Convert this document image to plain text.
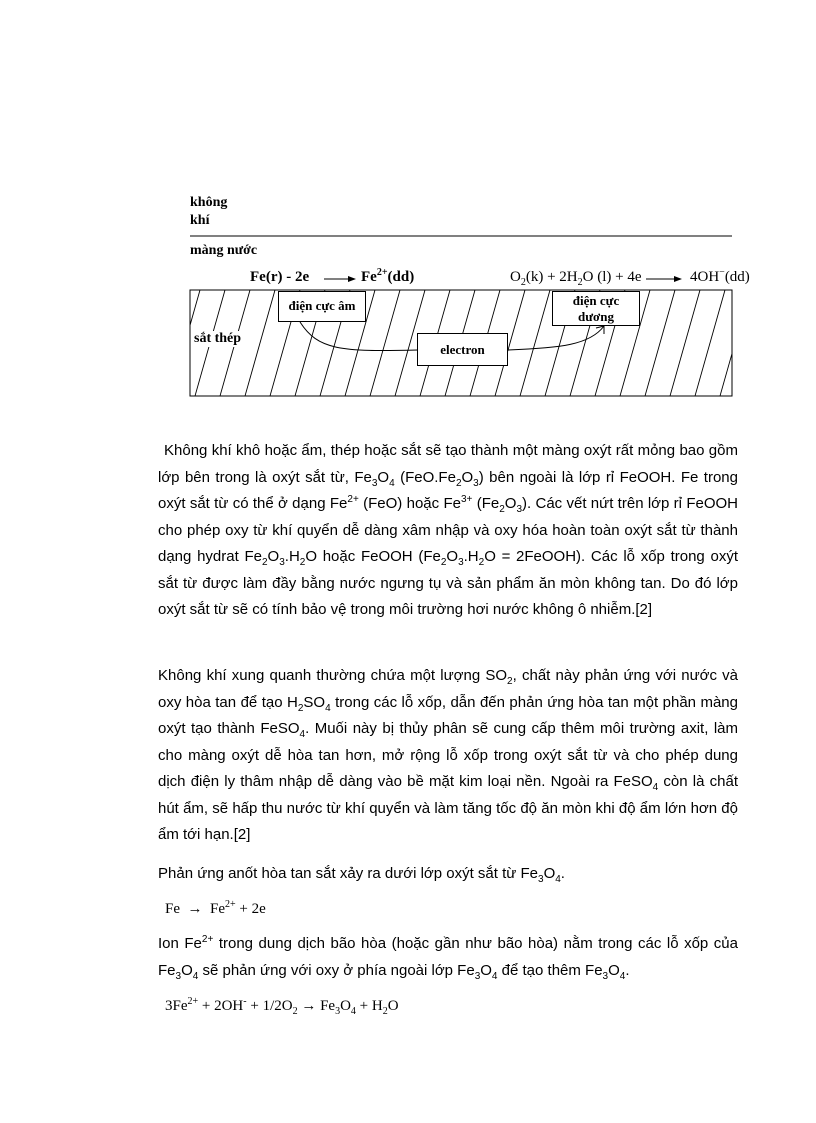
không
khí
màng nước
Fe(r) - 2e	$Fe^{2+}(dd)$	$O_2(k) + 2H_2O$ (l) + 4e	4OH−(dd)
điện cực âm	điện cực
dương
sắt thép
electron

Không khí khô hoặc ẩm, thép hoặc sắt sẽ tạo thành một màng oxýt rất mỏng bao gồm lớp bên trong là oxýt sắt từ, $Fe_3O_4$ $(FeO.Fe_2O_3)$ bên ngoài là lớp rỉ FeOOH. Fe trong oxýt sắt từ có thể ở dạng $Fe^{2+}$ (FeO) hoặc $Fe^{3+}$ $(Fe_2O_3)$. Các vết nứt trên lớp rỉ FeOOH cho phép oxy từ khí quyển dễ dàng xâm nhập và oxy hóa hoàn toàn oxýt sắt từ thành dạng hydrat $Fe_2O_3.H_2O$ hoặc FeOOH ($Fe_2O_3.H_2O$ = 2FeOOH). Các lỗ xốp trong oxýt sắt từ được làm đầy bằng nước ngưng tụ và sản phẩm ăn mòn không tan. Do đó lớp oxýt sắt từ sẽ có tính bảo vệ trong môi trường hơi nước không ô nhiễm.[2]

Không khí xung quanh thường chứa một lượng $SO_2$, chất này phản ứng với nước và oxy hòa tan để tạo $H_2SO_4$ trong các lỗ xốp, dẫn đến phản ứng hòa tan một phần màng oxýt tạo thành FeSO$_4$. Muối này bị thủy phân sẽ cung cấp thêm môi trường axit, làm cho màng oxýt dễ hòa tan hơn, mở rộng lỗ xốp trong oxýt sắt từ và cho phép dung dịch điện ly thâm nhập dễ dàng vào bề mặt kim loại nền. Ngoài ra FeSO$_4$ còn là chất hút ẩm, sẽ hấp thu nước từ khí quyển và làm tăng tốc độ ăn mòn khi độ ẩm lớn hơn độ ẩm tới hạn.[2]

Phản ứng anốt hòa tan sắt xảy ra dưới lớp oxýt sắt từ $Fe_3O_4$.

$Fe \to Fe^{2+} + 2e$

Ion $Fe^{2+}$ trong dung dịch bão hòa (hoặc gần như bão hòa) nằm trong các lỗ xốp của $Fe_3O_4$ sẽ phản ứng với oxy ở phía ngoài lớp $Fe_3O_4$ để tạo thêm $Fe_3O_4$.

$3Fe^{2+} + 2OH^- + 1/2O_2 \to Fe_3O_4 + H_2O$
